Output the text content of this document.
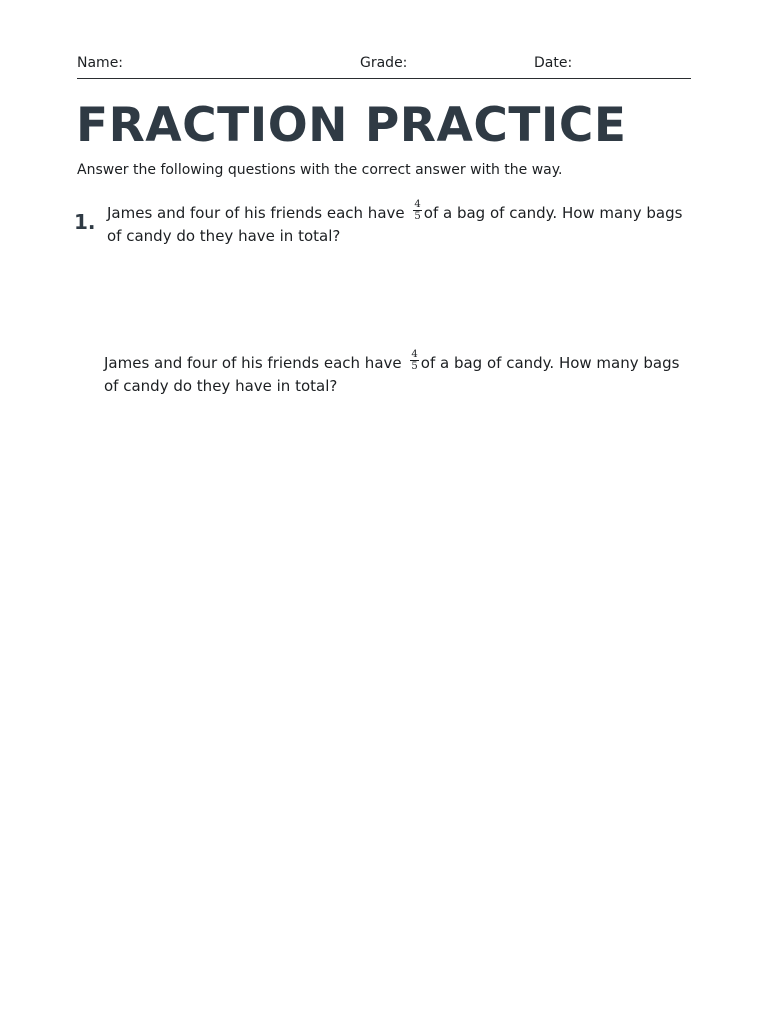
Name:	Grade:	Date:
FRACTION PRACTICE
Answer the following questions with the correct answer with the way.
1. James and four of his friends each have $\frac{4}{5}$ of a bag of candy. How many bags of candy do they have in total?
James and four of his friends each have $\frac{4}{5}$ of a bag of candy. How many bags of candy do they have in total?
